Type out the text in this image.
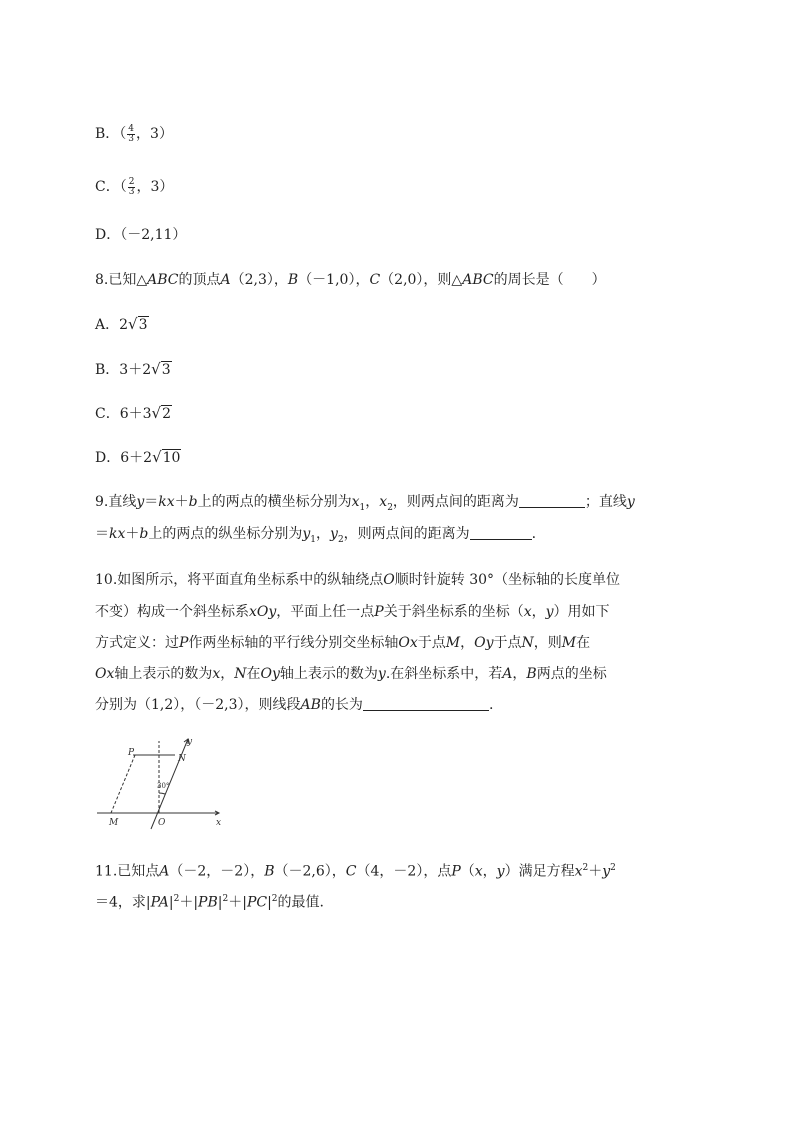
B．（ $\frac{4}{3}$ ，3）
C．（ $\frac{2}{3}$ ，3）
D．（－2,11）
8.已知△ABC的顶点A（2,3），B（－1,0），C（2,0），则△ABC的周长是（　　）
A．2√3
B．3＋2√3
C．6＋3√2
D．6＋2√10
9.直线y＝kx＋b上的两点的横坐标分别为$x_1$，$x_2$，则两点间的距离为	；直线y
＝kx＋b上的两点的纵坐标分别为$y_1$，$y_2$，则两点间的距离为	.
10.如图所示，将平面直角坐标系中的纵轴绕点O顺时针旋转 30°（坐标轴的长度单位
不变）构成一个斜坐标系xOy，平面上任一点P关于斜坐标系的坐标（x，y）用如下
方式定义：过P作两坐标轴的平行线分别交坐标轴Ox于点M，Oy于点N，则M在
Ox轴上表示的数为x，N在Oy轴上表示的数为y.在斜坐标系中，若A，B两点的坐标
分别为（1,2），（－2,3），则线段AB的长为	.
P
N
y
30°
M	O	x
11.已知点A（－2，－2），B（－2,6），C（4，－2），点P（x，y）满足方程$x^2+y^2$
＝4，求$|PA|^2+|PB|^2+|PC|^2$的最值.
